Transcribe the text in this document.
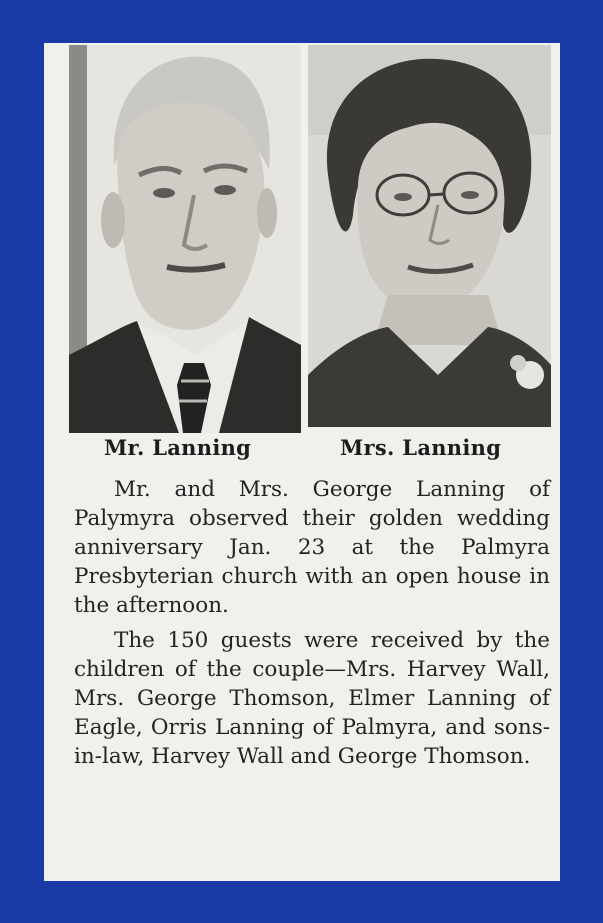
Mr. Lanning	Mrs. Lanning

Mr. and Mrs. George Lanning of Palymyra observed their golden wedding anniversary Jan. 23 at the Palmyra Presbyterian church with an open house in the afternoon.

The 150 guests were received by the children of the couple—Mrs. Harvey Wall, Mrs. George Thomson, Elmer Lanning of Eagle, Orris Lanning of Palmyra, and sons-in-law, Harvey Wall and George Thomson.
